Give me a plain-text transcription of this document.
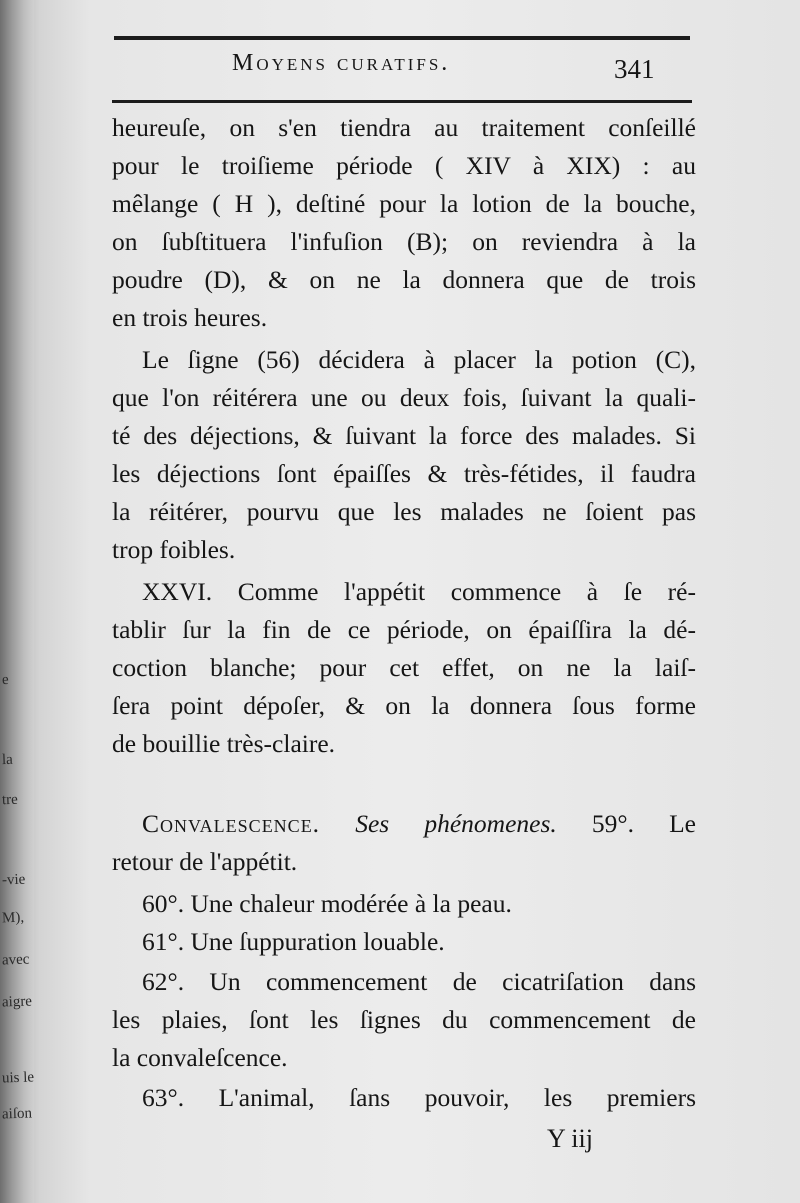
e
la
tre
-vie
M),
avec
aigre
uis le
aiſon
Moyens curatifs.	341
heureuſe, on s'en tiendra au traitement conſeillé
pour le troiſieme période ( XIV à XIX) : au
mêlange ( H ), deſtiné pour la lotion de la bouche,
on ſubſtituera l'infuſion (B); on reviendra à la
poudre (D), & on ne la donnera que de trois
en trois heures.
Le ſigne (56) décidera à placer la potion (C),
que l'on réitérera une ou deux fois, ſuivant la quali-
té des déjections, & ſuivant la force des malades. Si
les déjections ſont épaiſſes & très-fétides, il faudra
la réitérer, pourvu que les malades ne ſoient pas
trop foibles.
XXVI. Comme l'appétit commence à ſe ré-
tablir ſur la fin de ce période, on épaiſſira la dé-
coction blanche; pour cet effet, on ne la laiſ-
ſera point dépoſer, & on la donnera ſous forme
de bouillie très-claire.
Convalescence. Ses phénomenes. 59°. Le
retour de l'appétit.
60°. Une chaleur modérée à la peau.
61°. Une ſuppuration louable.
62°. Un commencement de cicatriſation dans
les plaies, ſont les ſignes du commencement de
la convaleſcence.
63°. L'animal, ſans pouvoir, les premiers
Y iij
